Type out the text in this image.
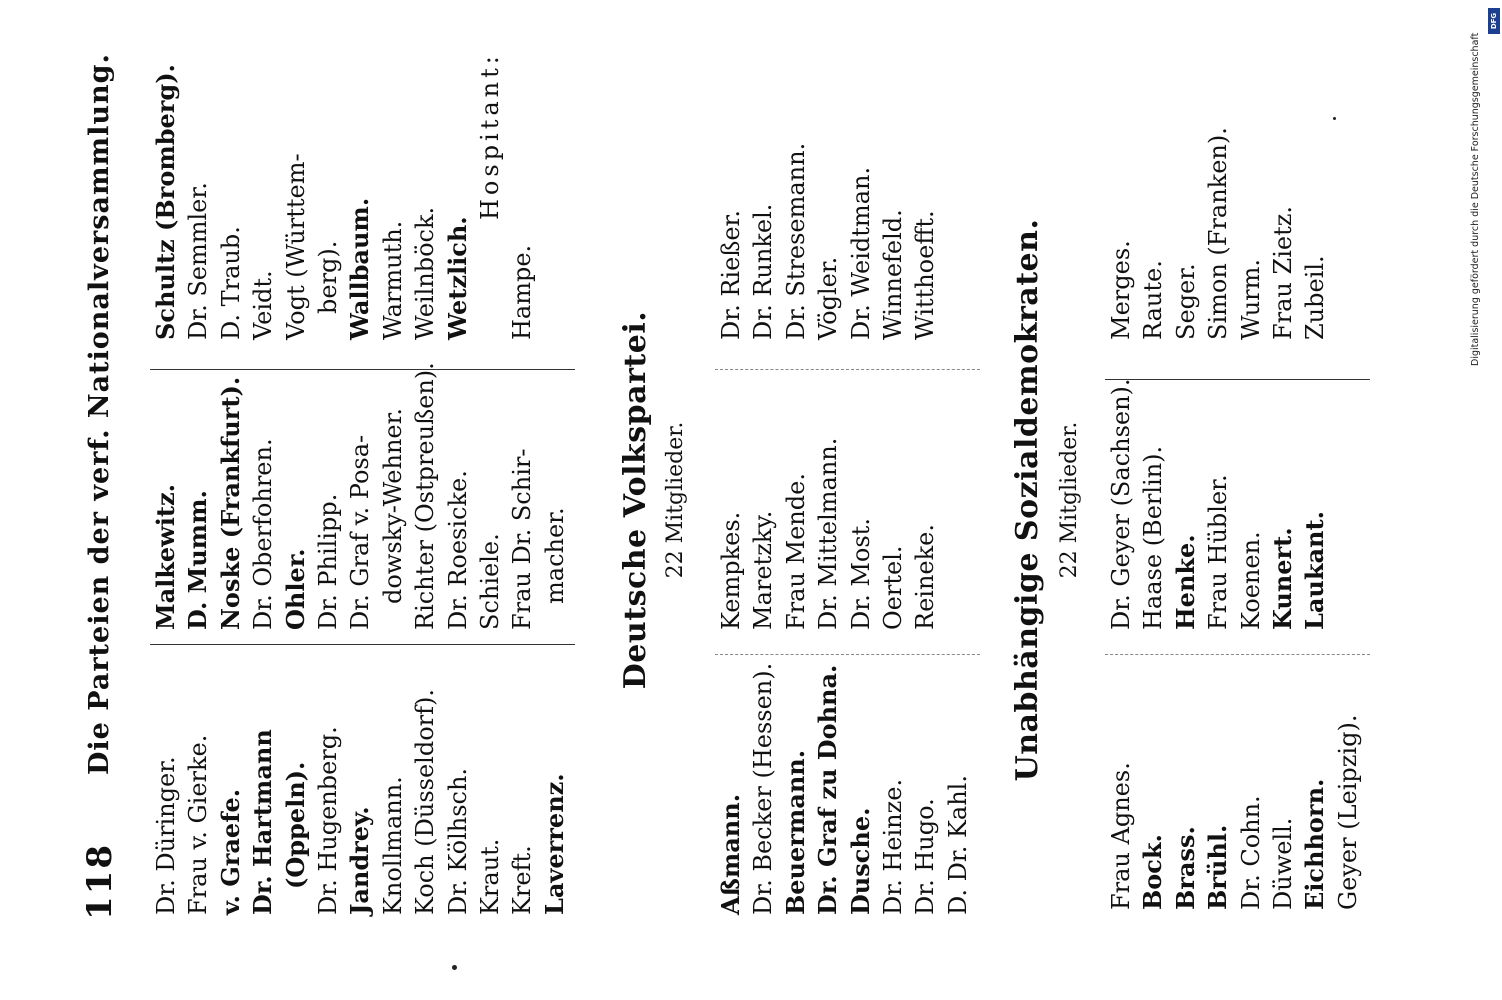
118
Die Parteien der verf. Nationalversammlung.
Dr. Düringer. Frau v. Gierke. v. Graefe. Dr. Hartmann (Oppeln). Dr. Hugenberg. Jandrey. Knollmann. Koch (Düsseldorf). Dr. Kölhsch. Kraut. Kreft. Laverrenz.
Malkewitz. D. Mumm. Noske (Frankfurt). Dr. Oberfohren. Ohler. Dr. Philipp. Dr. Graf v. Posa- dowsky-Wehner. Richter (Ostpreußen). Dr. Roesicke. Schiele. Frau Dr. Schir- macher.
Schultz (Bromberg). Dr. Semmler. D. Traub. Veidt. Vogt (Württem- berg). Wallbaum. Warmuth. Weilnböck. Wetzlich.
Hospitant:
Hampe.
Deutsche Volkspartei. 22 Mitglieder.
Aßmann. Dr. Becker (Hessen). Beuermann. Dr. Graf zu Dohna. Dusche. Dr. Heinze. Dr. Hugo. D. Dr. Kahl.
Kempkes. Maretzky. Frau Mende. Dr. Mittelmann. Dr. Most. Oertel. Reineke.
Dr. Rießer. Dr. Runkel. Dr. Stresemann. Vögler. Dr. Weidtman. Winnefeld. Witthoefft. Unabhängige Sozialdemokraten. 22 Mitglieder.
Frau Agnes. Bock. Brass. Brühl. Dr. Cohn. Düwell. Eichhorn. Geyer (Leipzig).
Dr. Geyer (Sachsen). Haase (Berlin). Henke. Frau Hübler. Koenen. Kunert. Laukant.
Merges. Raute. Seger. Simon (Franken). Wurm. Frau Zietz. Zubeil.	Digitalisierung gefördert durch die Deutsche Forschungsgemeinschaft
DFG
